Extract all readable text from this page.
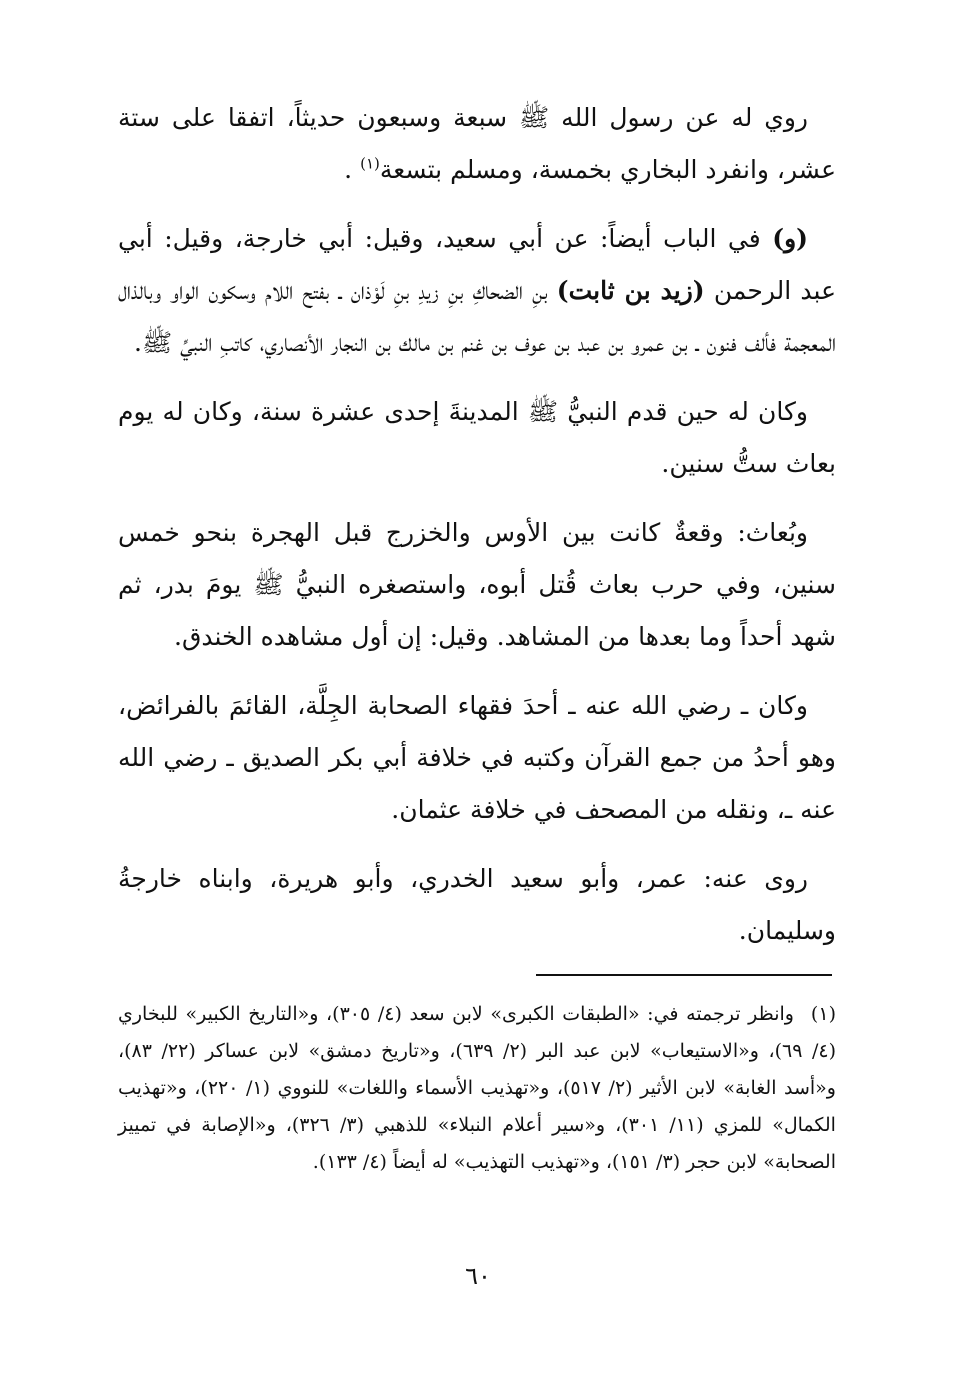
روي له عن رسول الله ﷺ سبعة وسبعون حديثاً، اتفقا على ستة عشر، وانفرد البخاري بخمسة، ومسلم بتسعة$^{(١)}$ .

(و) في الباب أيضاً: عن أبي سعيد، وقيل: أبي خارجة، وقيل: أبي عبد الرحمن (زيد بن ثابت) بنِ الضحاكِ بنِ زيدِ بنِ لَوْذان ـ بفتح اللام وسكون الواو وبالذال المعجمة فألف فنون ـ بن عمرو بن عبد بن عوف بن غنم بن مالك بن النجار الأنصاري، كاتبِ النبيِّ ﷺ.

وكان له حين قدم النبيُّ ﷺ المدينةَ إحدى عشرة سنة، وكان له يوم بعاث ستُّ سنين.

وبُعاث: وقعةٌ كانت بين الأوس والخزرج قبل الهجرة بنحو خمس سنين، وفي حرب بعاث قُتل أبوه، واستصغره النبيُّ ﷺ يومَ بدر، ثم شهد أحداً وما بعدها من المشاهد. وقيل: إن أول مشاهده الخندق.

وكان ـ رضي الله عنه ـ أحدَ فقهاء الصحابة الجِلَّة، القائمَ بالفرائض، وهو أحدُ من جمع القرآن وكتبه في خلافة أبي بكر الصديق ـ رضي الله عنه ـ، ونقله من المصحف في خلافة عثمان.

روى عنه: عمر، وأبو سعيد الخدري، وأبو هريرة، وابناه خارجةُ وسليمان.

(١)وانظر ترجمته في: «الطبقات الكبرى» لابن سعد (٤/ ٣٠٥)، و«التاريخ الكبير» للبخاري (٤/ ٦٩)، و«الاستيعاب» لابن عبد البر (٢/ ٦٣٩)، و«تاريخ دمشق» لابن عساكر (٢٢/ ٨٣)، و«أسد الغابة» لابن الأثير (٢/ ٥١٧)، و«تهذيب الأسماء واللغات» للنووي (١/ ٢٢٠)، و«تهذيب الكمال» للمزي (١١/ ٣٠١)، و«سير أعلام النبلاء» للذهبي (٣/ ٣٢٦)، و«الإصابة في تمييز الصحابة» لابن حجر (٣/ ١٥١)، و«تهذيب التهذيب» له أيضاً (٤/ ١٣٣).
٦٠
